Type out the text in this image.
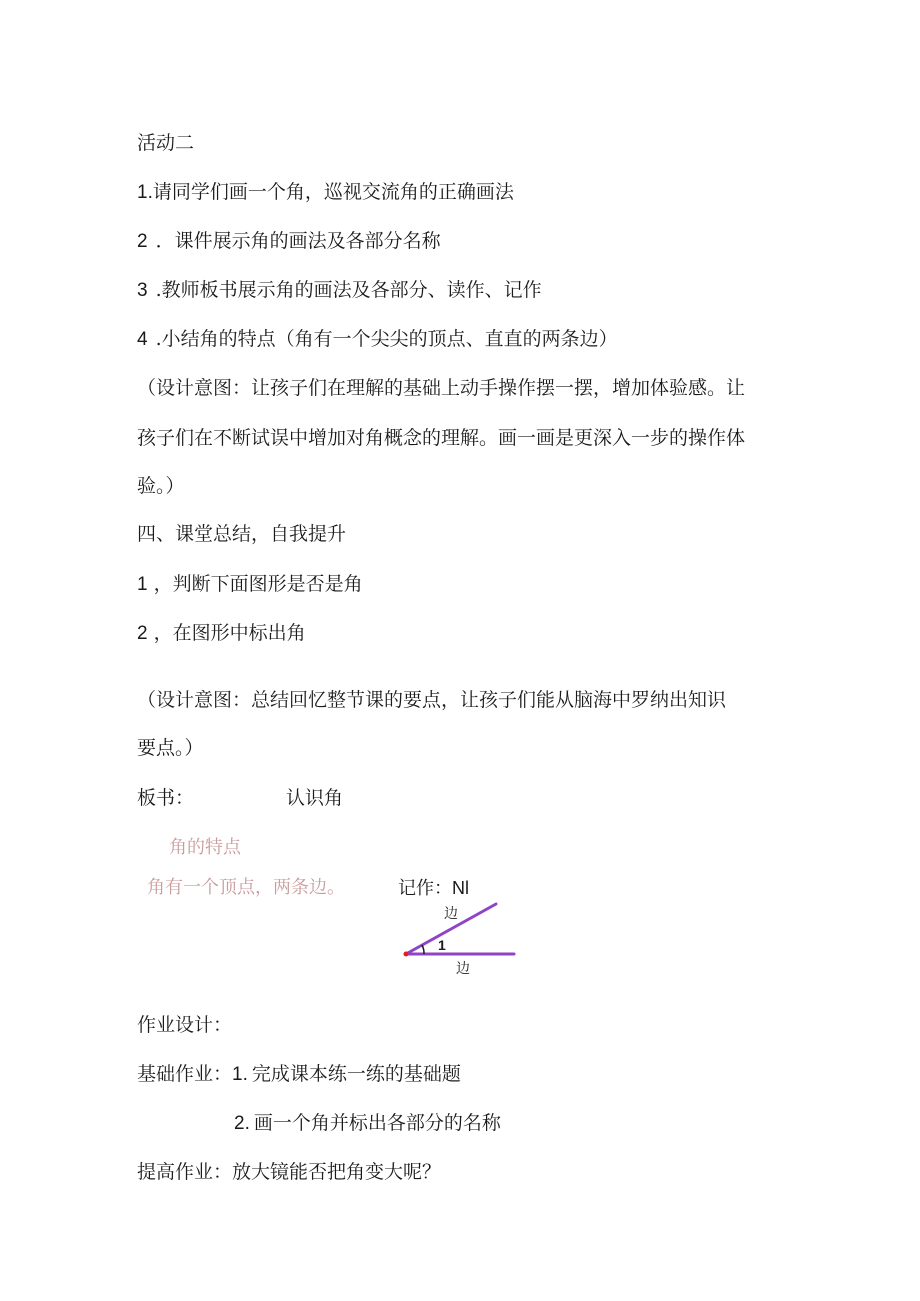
活动二
1.请同学们画一个角，巡视交流角的正确画法
2 ．课件展示角的画法及各部分名称
3 .教师板书展示角的画法及各部分、读作、记作
4 .小结角的特点（角有一个尖尖的顶点、直直的两条边）
（设计意图：让孩子们在理解的基础上动手操作摆一摆，增加体验感。让
孩子们在不断试误中增加对角概念的理解。画一画是更深入一步的操作体
验。）
四、课堂总结，自我提升
1 ，判断下面图形是否是角
2 ，在图形中标出角
（设计意图：总结回忆整节课的要点，让孩子们能从脑海中罗纳出知识
要点。）
板书：	认识角
角的特点
角有一个顶点，两条边。	记作：Nl
1
边
边
作业设计：
基础作业：1. 完成课本练一练的基础题
2. 画一个角并标出各部分的名称
提高作业：放大镜能否把角变大呢？
